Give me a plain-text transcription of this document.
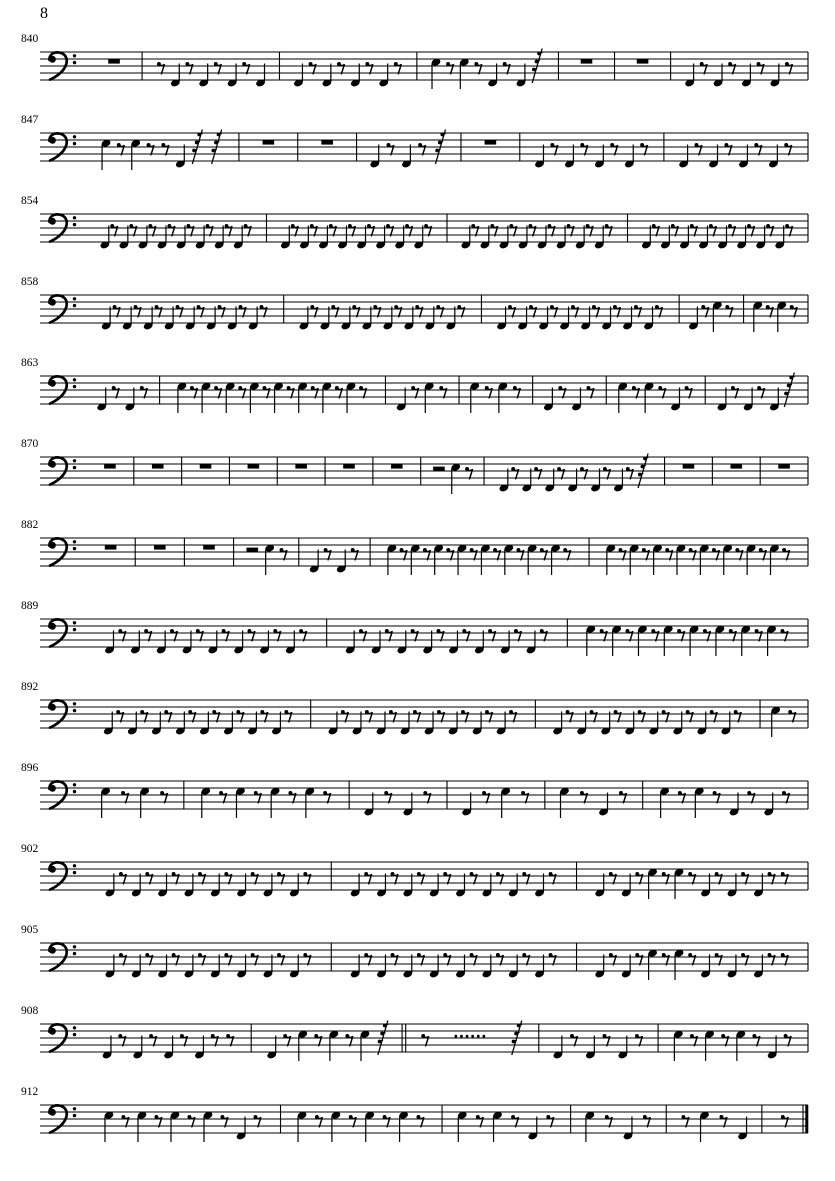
8
840
847
854
858
863
870
882
889
892
896
902
905
908
912
